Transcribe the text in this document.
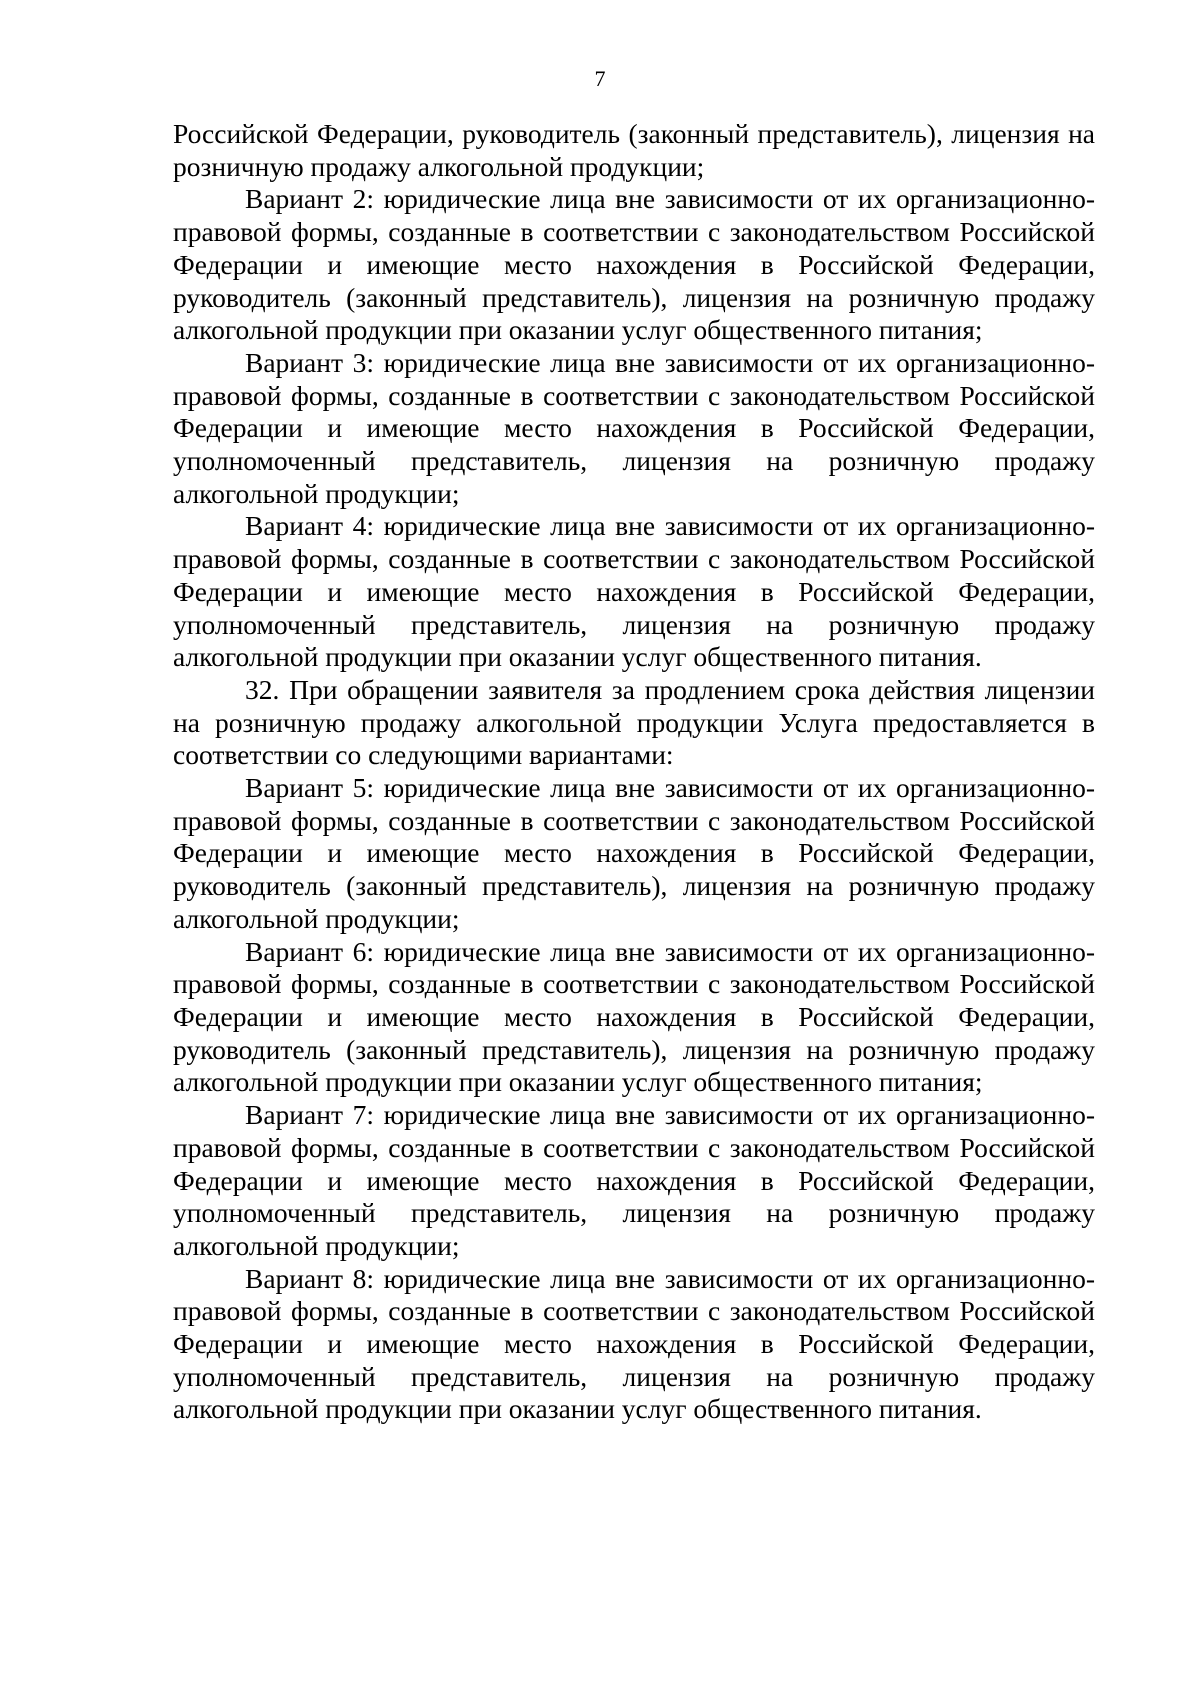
7

Российской Федерации, руководитель (законный представитель), лицензия на розничную продажу алкогольной продукции;

Вариант 2: юридические лица вне зависимости от их организационно-правовой формы, созданные в соответствии с законодательством Российской Федерации и имеющие место нахождения в Российской Федерации, руководитель (законный представитель), лицензия на розничную продажу алкогольной продукции при оказании услуг общественного питания;

Вариант 3: юридические лица вне зависимости от их организационно-правовой формы, созданные в соответствии с законодательством Российской Федерации и имеющие место нахождения в Российской Федерации, уполномоченный представитель, лицензия на розничную продажу алкогольной продукции;

Вариант 4: юридические лица вне зависимости от их организационно-правовой формы, созданные в соответствии с законодательством Российской Федерации и имеющие место нахождения в Российской Федерации, уполномоченный представитель, лицензия на розничную продажу алкогольной продукции при оказании услуг общественного питания.

32. При обращении заявителя за продлением срока действия лицензии на розничную продажу алкогольной продукции Услуга предоставляется в соответствии со следующими вариантами:

Вариант 5: юридические лица вне зависимости от их организационно-правовой формы, созданные в соответствии с законодательством Российской Федерации и имеющие место нахождения в Российской Федерации, руководитель (законный представитель), лицензия на розничную продажу алкогольной продукции;

Вариант 6: юридические лица вне зависимости от их организационно-правовой формы, созданные в соответствии с законодательством Российской Федерации и имеющие место нахождения в Российской Федерации, руководитель (законный представитель), лицензия на розничную продажу алкогольной продукции при оказании услуг общественного питания;

Вариант 7: юридические лица вне зависимости от их организационно-правовой формы, созданные в соответствии с законодательством Российской Федерации и имеющие место нахождения в Российской Федерации, уполномоченный представитель, лицензия на розничную продажу алкогольной продукции;

Вариант 8: юридические лица вне зависимости от их организационно-правовой формы, созданные в соответствии с законодательством Российской Федерации и имеющие место нахождения в Российской Федерации, уполномоченный представитель, лицензия на розничную продажу алкогольной продукции при оказании услуг общественного питания.
